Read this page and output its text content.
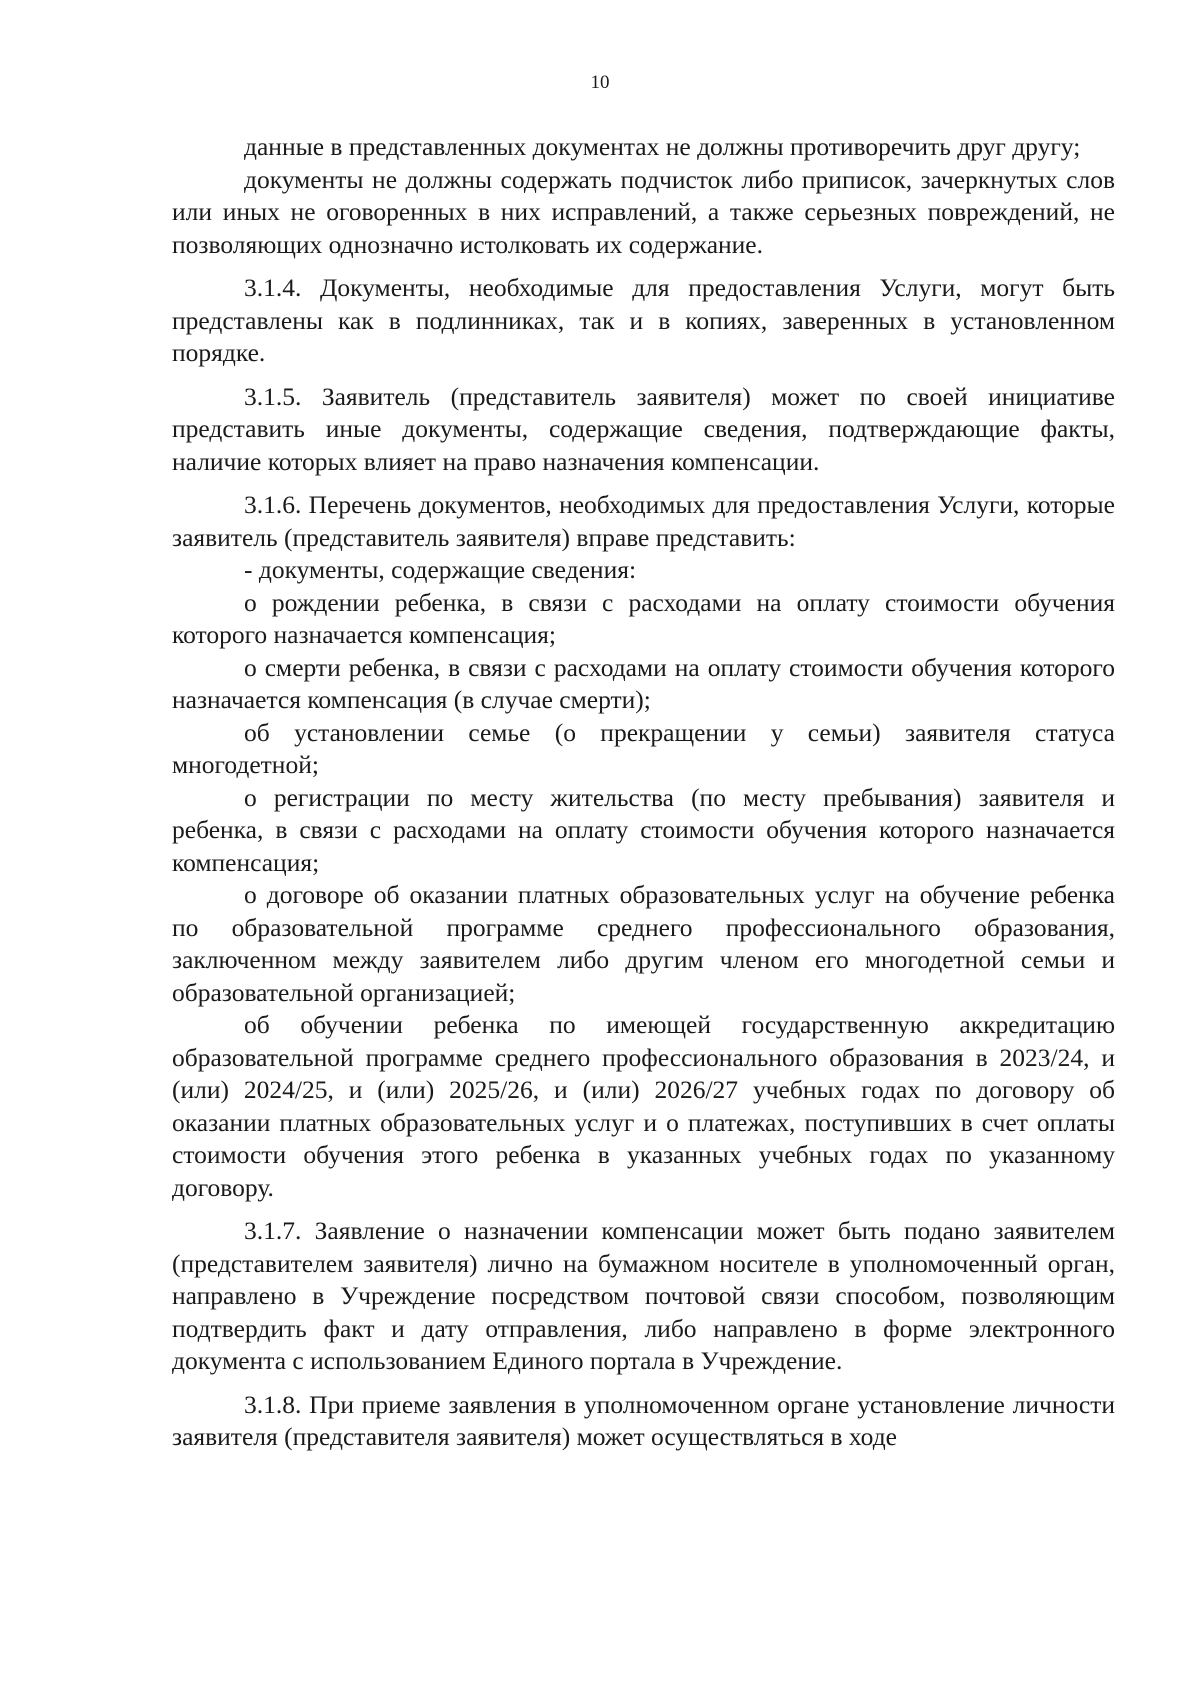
10

данные в представленных документах не должны противоречить друг другу;

документы не должны содержать подчисток либо приписок, зачеркнутых слов или иных не оговоренных в них исправлений, а также серьезных повреждений, не позволяющих однозначно истолковать их содержание.

3.1.4. Документы, необходимые для предоставления Услуги, могут быть представлены как в подлинниках, так и в копиях, заверенных в установленном порядке.

3.1.5. Заявитель (представитель заявителя) может по своей инициативе представить иные документы, содержащие сведения, подтверждающие факты, наличие которых влияет на право назначения компенсации.

3.1.6. Перечень документов, необходимых для предоставления Услуги, которые заявитель (представитель заявителя) вправе представить:

- документы, содержащие сведения:

о рождении ребенка, в связи с расходами на оплату стоимости обучения которого назначается компенсация;

о смерти ребенка, в связи с расходами на оплату стоимости обучения которого назначается компенсация (в случае смерти);

об установлении семье (о прекращении у семьи) заявителя статуса многодетной;

о регистрации по месту жительства (по месту пребывания) заявителя и ребенка, в связи с расходами на оплату стоимости обучения которого назначается компенсация;

о договоре об оказании платных образовательных услуг на обучение ребенка по образовательной программе среднего профессионального образования, заключенном между заявителем либо другим членом его многодетной семьи и образовательной организацией;

об обучении ребенка по имеющей государственную аккредитацию образовательной программе среднего профессионального образования в 2023/24, и (или) 2024/25, и (или) 2025/26, и (или) 2026/27 учебных годах по договору об оказании платных образовательных услуг и о платежах, поступивших в счет оплаты стоимости обучения этого ребенка в указанных учебных годах по указанному договору.

3.1.7. Заявление о назначении компенсации может быть подано заявителем (представителем заявителя) лично на бумажном носителе в уполномоченный орган, направлено в Учреждение посредством почтовой связи способом, позволяющим подтвердить факт и дату отправления, либо направлено в форме электронного документа с использованием Единого портала в Учреждение.

3.1.8. При приеме заявления в уполномоченном органе установление личности заявителя (представителя заявителя) может осуществляться в ходе
